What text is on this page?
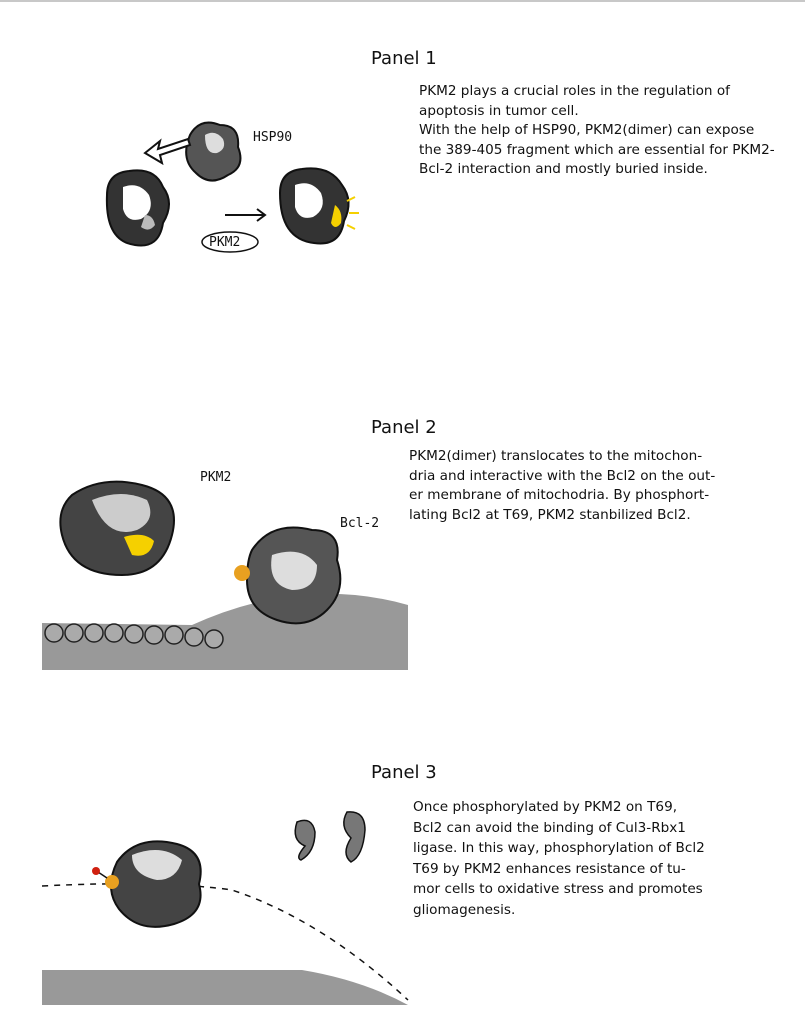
Panel 1
PKM2 plays a crucial roles in the regulation of
apoptosis in tumor cell.
With the help of HSP90, PKM2(dimer) can expose
the 389-405 fragment which are essential for PKM2-
Bcl-2 interaction and mostly buried inside.
HSP90
PKM2
Panel 2
PKM2(dimer) translocates to the mitochon-
dria and interactive with the Bcl2 on the out-
er membrane of mitochodria. By phosphort-
lating Bcl2 at T69, PKM2 stanbilized Bcl2.
PKM2
Bcl-2
Panel 3
Once phosphorylated by PKM2 on T69,
Bcl2 can avoid the binding of Cul3-Rbx1
ligase. In this way, phosphorylation of Bcl2
T69 by PKM2 enhances resistance of tu-
mor cells to oxidative stress and promotes
gliomagenesis.
